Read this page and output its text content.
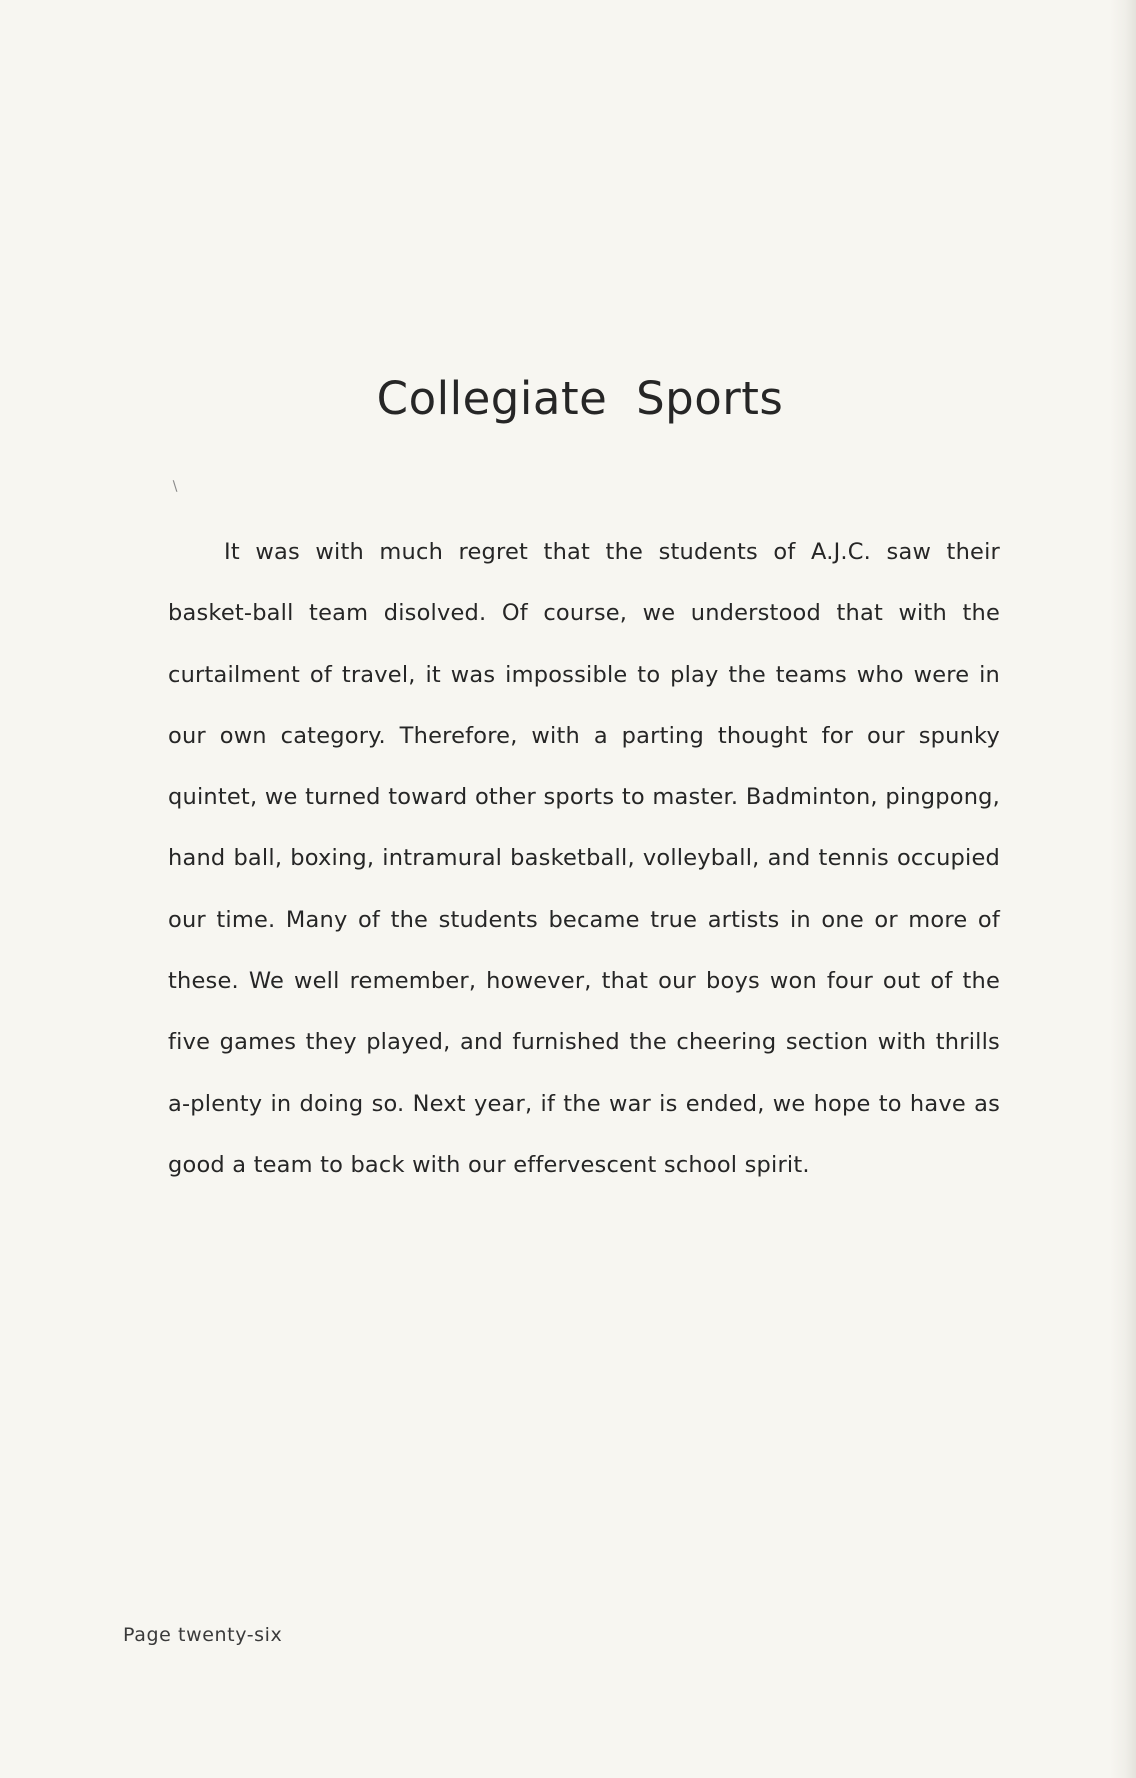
Collegiate Sports
∖

It was with much regret that the students of A.J.C. saw their basket-ball team disolved. Of course, we understood that with the curtailment of travel, it was impossible to play the teams who were in our own category. Therefore, with a parting thought for our spunky quintet, we turned toward other sports to master. Badminton, pingpong, hand ball, boxing, intramural basketball, volleyball, and tennis occupied our time. Many of the students became true artists in one or more of these. We well remember, however, that our boys won four out of the five games they played, and furnished the cheering section with thrills a-plenty in doing so. Next year, if the war is ended, we hope to have as good a team to back with our effervescent school spirit.

Page twenty-six
